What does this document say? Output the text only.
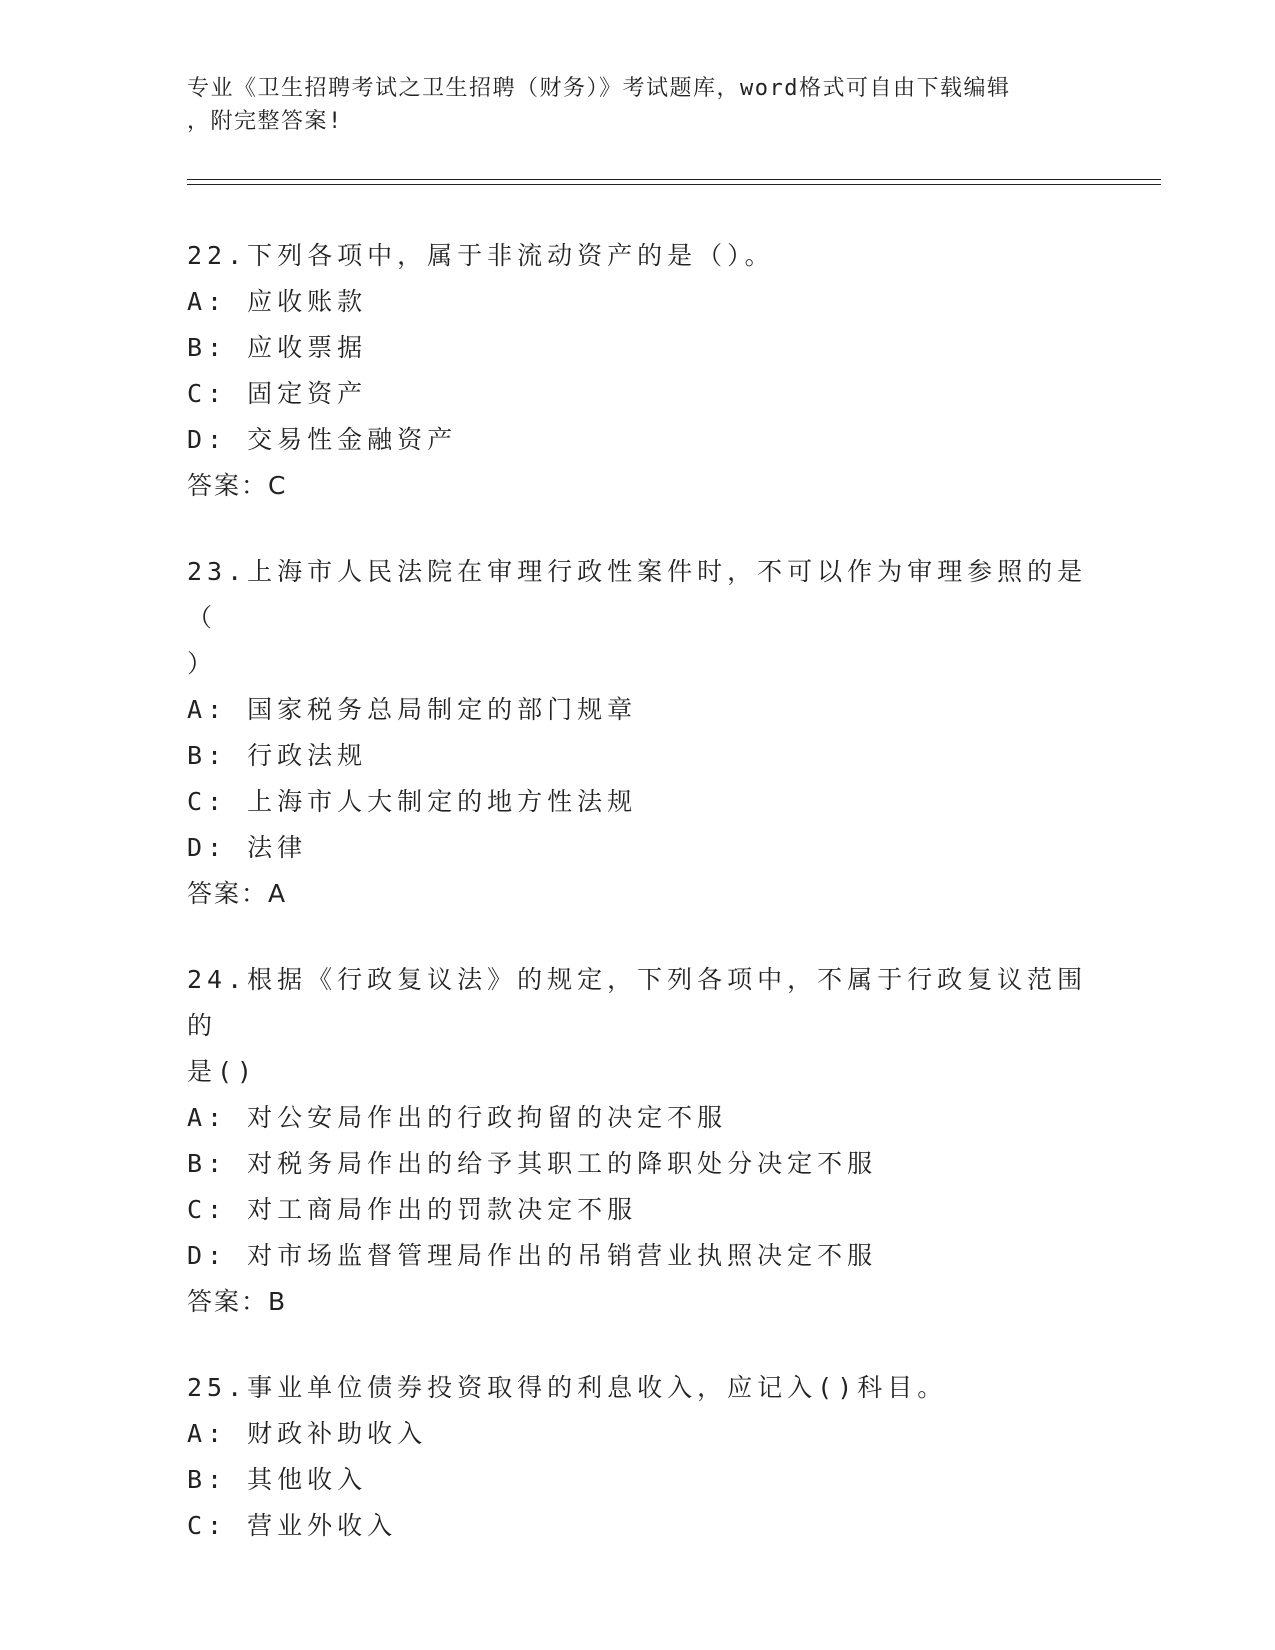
专业《卫生招聘考试之卫生招聘（财务）》考试题库，word格式可自由下载编辑
，附完整答案!
22.下列各项中，属于非流动资产的是（）。
A: 应收账款
B: 应收票据
C: 固定资产
D: 交易性金融资产
答案：C
23.上海市人民法院在审理行政性案件时，不可以作为审理参照的是（
）
A: 国家税务总局制定的部门规章
B: 行政法规
C: 上海市人大制定的地方性法规
D: 法律
答案：A
24.根据《行政复议法》的规定，下列各项中，不属于行政复议范围的
是()
A: 对公安局作出的行政拘留的决定不服
B: 对税务局作出的给予其职工的降职处分决定不服
C: 对工商局作出的罚款决定不服
D: 对市场监督管理局作出的吊销营业执照决定不服
答案：B
25.事业单位债券投资取得的利息收入，应记入()科目。
A: 财政补助收入
B: 其他收入
C: 营业外收入
